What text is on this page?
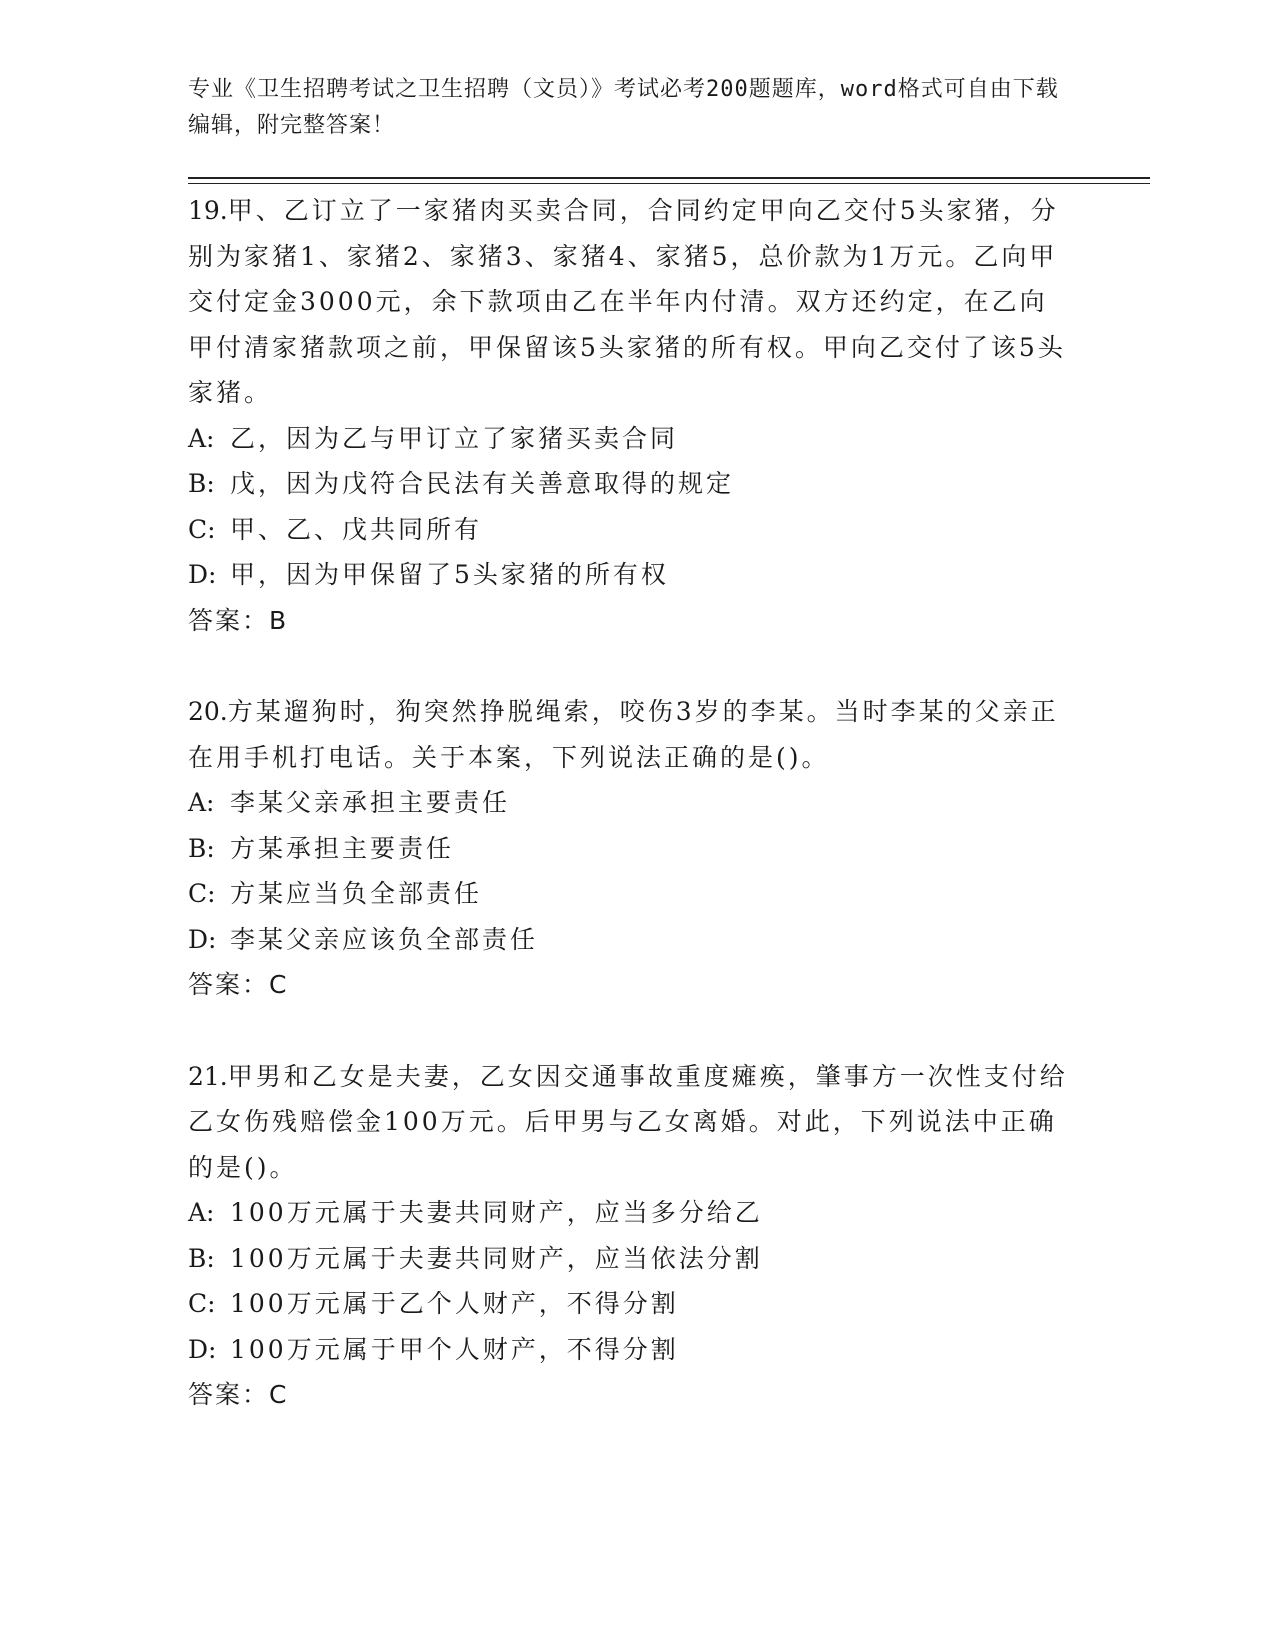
专业《卫生招聘考试之卫生招聘（文员）》考试必考200题题库，word格式可自由下载编辑，附完整答案！
19.甲、乙订立了一家猪肉买卖合同，合同约定甲向乙交付5头家猪，分别为家猪1、家猪2、家猪3、家猪4、家猪5，总价款为1万元。乙向甲交付定金3000元，余下款项由乙在半年内付清。双方还约定，在乙向甲付清家猪款项之前，甲保留该5头家猪的所有权。甲向乙交付了该5头家猪。
A: 乙，因为乙与甲订立了家猪买卖合同
B: 戊，因为戊符合民法有关善意取得的规定
C: 甲、乙、戊共同所有
D: 甲，因为甲保留了5头家猪的所有权
答案：B
20.方某遛狗时，狗突然挣脱绳索，咬伤3岁的李某。当时李某的父亲正在用手机打电话。关于本案，下列说法正确的是()。
A: 李某父亲承担主要责任
B: 方某承担主要责任
C: 方某应当负全部责任
D: 李某父亲应该负全部责任
答案：C
21.甲男和乙女是夫妻，乙女因交通事故重度瘫痪，肇事方一次性支付给乙女伤残赔偿金100万元。后甲男与乙女离婚。对此，下列说法中正确的是()。
A: 100万元属于夫妻共同财产，应当多分给乙
B: 100万元属于夫妻共同财产，应当依法分割
C: 100万元属于乙个人财产，不得分割
D: 100万元属于甲个人财产，不得分割
答案：C
